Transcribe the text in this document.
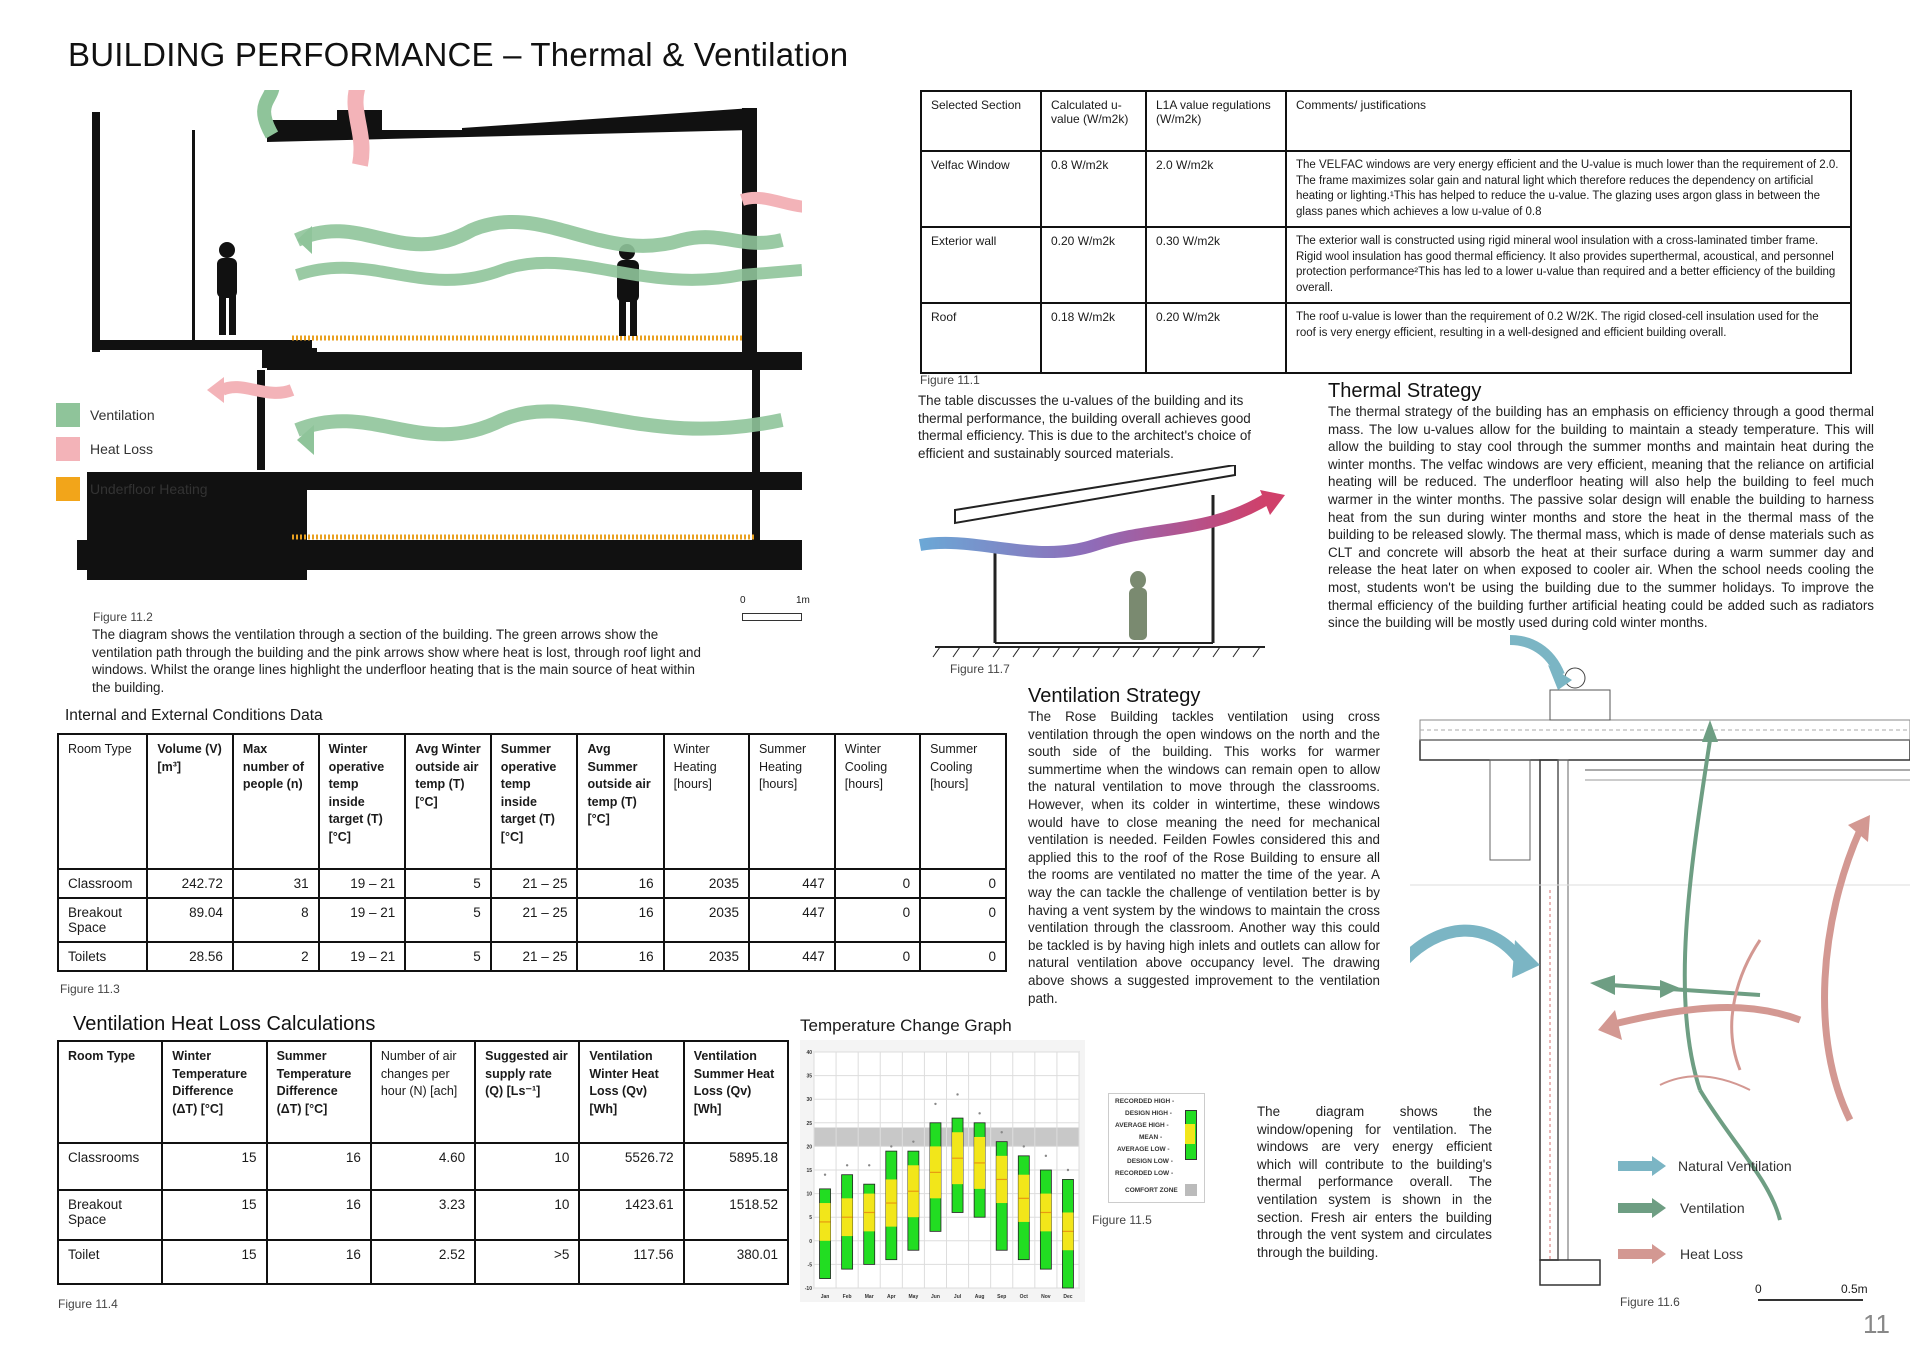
BUILDING PERFORMANCE – Thermal & Ventilation
Ventilation
Heat Loss
Underfloor Heating
0	1m
Figure 11.2
The diagram shows the ventilation through a section of the building. The green arrows show the ventilation path through the building and the pink arrows show where heat is lost, through roof light and windows. Whilst the orange lines highlight the underfloor heating that is the main source of heat within the building.
Selected Section	Calculated u-value (W/m2k)	L1A value regulations (W/m2k)	Comments/ justifications
Velfac Window	0.8 W/m2k	2.0 W/m2k	The VELFAC windows are very energy efficient and the U-value is much lower than the requirement of 2.0. The frame maximizes solar gain and natural light which therefore reduces the dependency on artificial heating or lighting.¹This has helped to reduce the u-value. The glazing uses argon glass in between the glass panes which achieves a low u-value of 0.8
Exterior wall	0.20 W/m2k	0.30 W/m2k	The exterior wall is constructed using rigid mineral wool insulation with a cross-laminated timber frame. Rigid wool insulation has good thermal efficiency. It also provides superthermal, acoustical, and personnel protection performance²This has led to a lower u-value than required and a better efficiency of the building overall.
Roof	0.18 W/m2k	0.20 W/m2k	The roof u-value is lower than the requirement of 0.2 W/2K. The rigid closed-cell insulation used for the roof is very energy efficient, resulting in a well-designed and efficient building overall.
Figure 11.1
The table discusses the u-values of the building and its thermal performance, the building overall achieves good thermal efficiency. This is due to the architect's choice of efficient and sustainably sourced materials.
Figure 11.7
Thermal Strategy
The thermal strategy of the building has an emphasis on efficiency through a good thermal mass. The low u-values allow for the building to maintain a steady temperature. This will allow the building to stay cool through the summer months and maintain heat during the winter months. The velfac windows are very efficient, meaning that the reliance on artificial heating will be reduced. The underfloor heating will also help the building to feel much warmer in the winter months. The passive solar design will enable the building to harness heat from the sun during winter months and store the heat in the thermal mass of the building to be released slowly. The thermal mass, which is made of dense materials such as CLT and concrete will absorb the heat at their surface during a warm summer day and release the heat later on when exposed to cooler air. When the school needs cooling the most, students won't be using the building due to the summer holidays. To improve the thermal efficiency of the building further artificial heating could be added such as radiators since the building will be mostly used during cold winter months.
Internal and External Conditions Data
Room Type	Volume (V) [m³]	Max number of people (n)	Winter operative temp inside target (T) [°C]	Avg Winter outside air temp (T) [°C]	Summer operative temp inside target (T) [°C]	Avg Summer outside air temp (T) [°C]	Winter Heating [hours]	Summer Heating [hours]	Winter Cooling [hours]	Summer Cooling [hours]
Classroom	242.72	31	19 – 21	5	21 – 25	16	2035	447	0	0
Breakout Space	89.04	8	19 – 21	5	21 – 25	16	2035	447	0	0
Toilets	28.56	2	19 – 21	5	21 – 25	16	2035	447	0	0
Figure 11.3
Ventilation Strategy
The Rose Building tackles ventilation using cross ventilation through the open windows on the north and the south side of the building. This works for warmer summertime when the windows can remain open to allow the natural ventilation to move through the classrooms. However, when its colder in wintertime, these windows would have to close meaning the need for mechanical ventilation is needed. Feilden Fowles considered this and applied this to the roof of the Rose Building to ensure all the rooms are ventilated no matter the time of the year. A way the can tackle the challenge of ventilation better is by having a vent system by the windows to maintain the cross ventilation through the classroom. Another way this could be tackled is by having high inlets and outlets can allow for natural ventilation above occupancy level. The drawing above shows a suggested improvement to the ventilation path.
The diagram shows the window/opening for ventilation. The windows are very energy efficient which will contribute to the building's thermal performance overall. The ventilation system is shown in the section. Fresh air enters the building through the vent system and circulates through the building.
Natural Ventilation
Ventilation
Heat Loss
Figure 11.6
0	0.5m
Ventilation Heat Loss Calculations
Room Type	Winter Temperature Difference (ΔT) [°C]	Summer Temperature Difference (ΔT) [°C]	Number of air changes per hour (N) [ach]	Suggested air supply rate (Q) [Ls⁻¹]	Ventilation Winter Heat Loss (Qv) [Wh]	Ventilation Summer Heat Loss (Qv) [Wh]
Classrooms	15	16	4.60	10	5526.72	5895.18
Breakout Space	15	16	3.23	10	1423.61	1518.52
Toilet	15	16	2.52	>5	117.56	380.01
Figure 11.4
Temperature Change Graph
40
35
30
25
20
15
10
5
0
-5
-10
Jan	Feb	Mar	Apr	May	Jun	Jul	Aug	Sep	Oct	Nov	Dec
RECORDED HIGH -
DESIGN HIGH -
AVERAGE HIGH -
MEAN -
AVERAGE LOW -
DESIGN LOW -
RECORDED LOW -
COMFORT ZONE
Figure 11.5
11
